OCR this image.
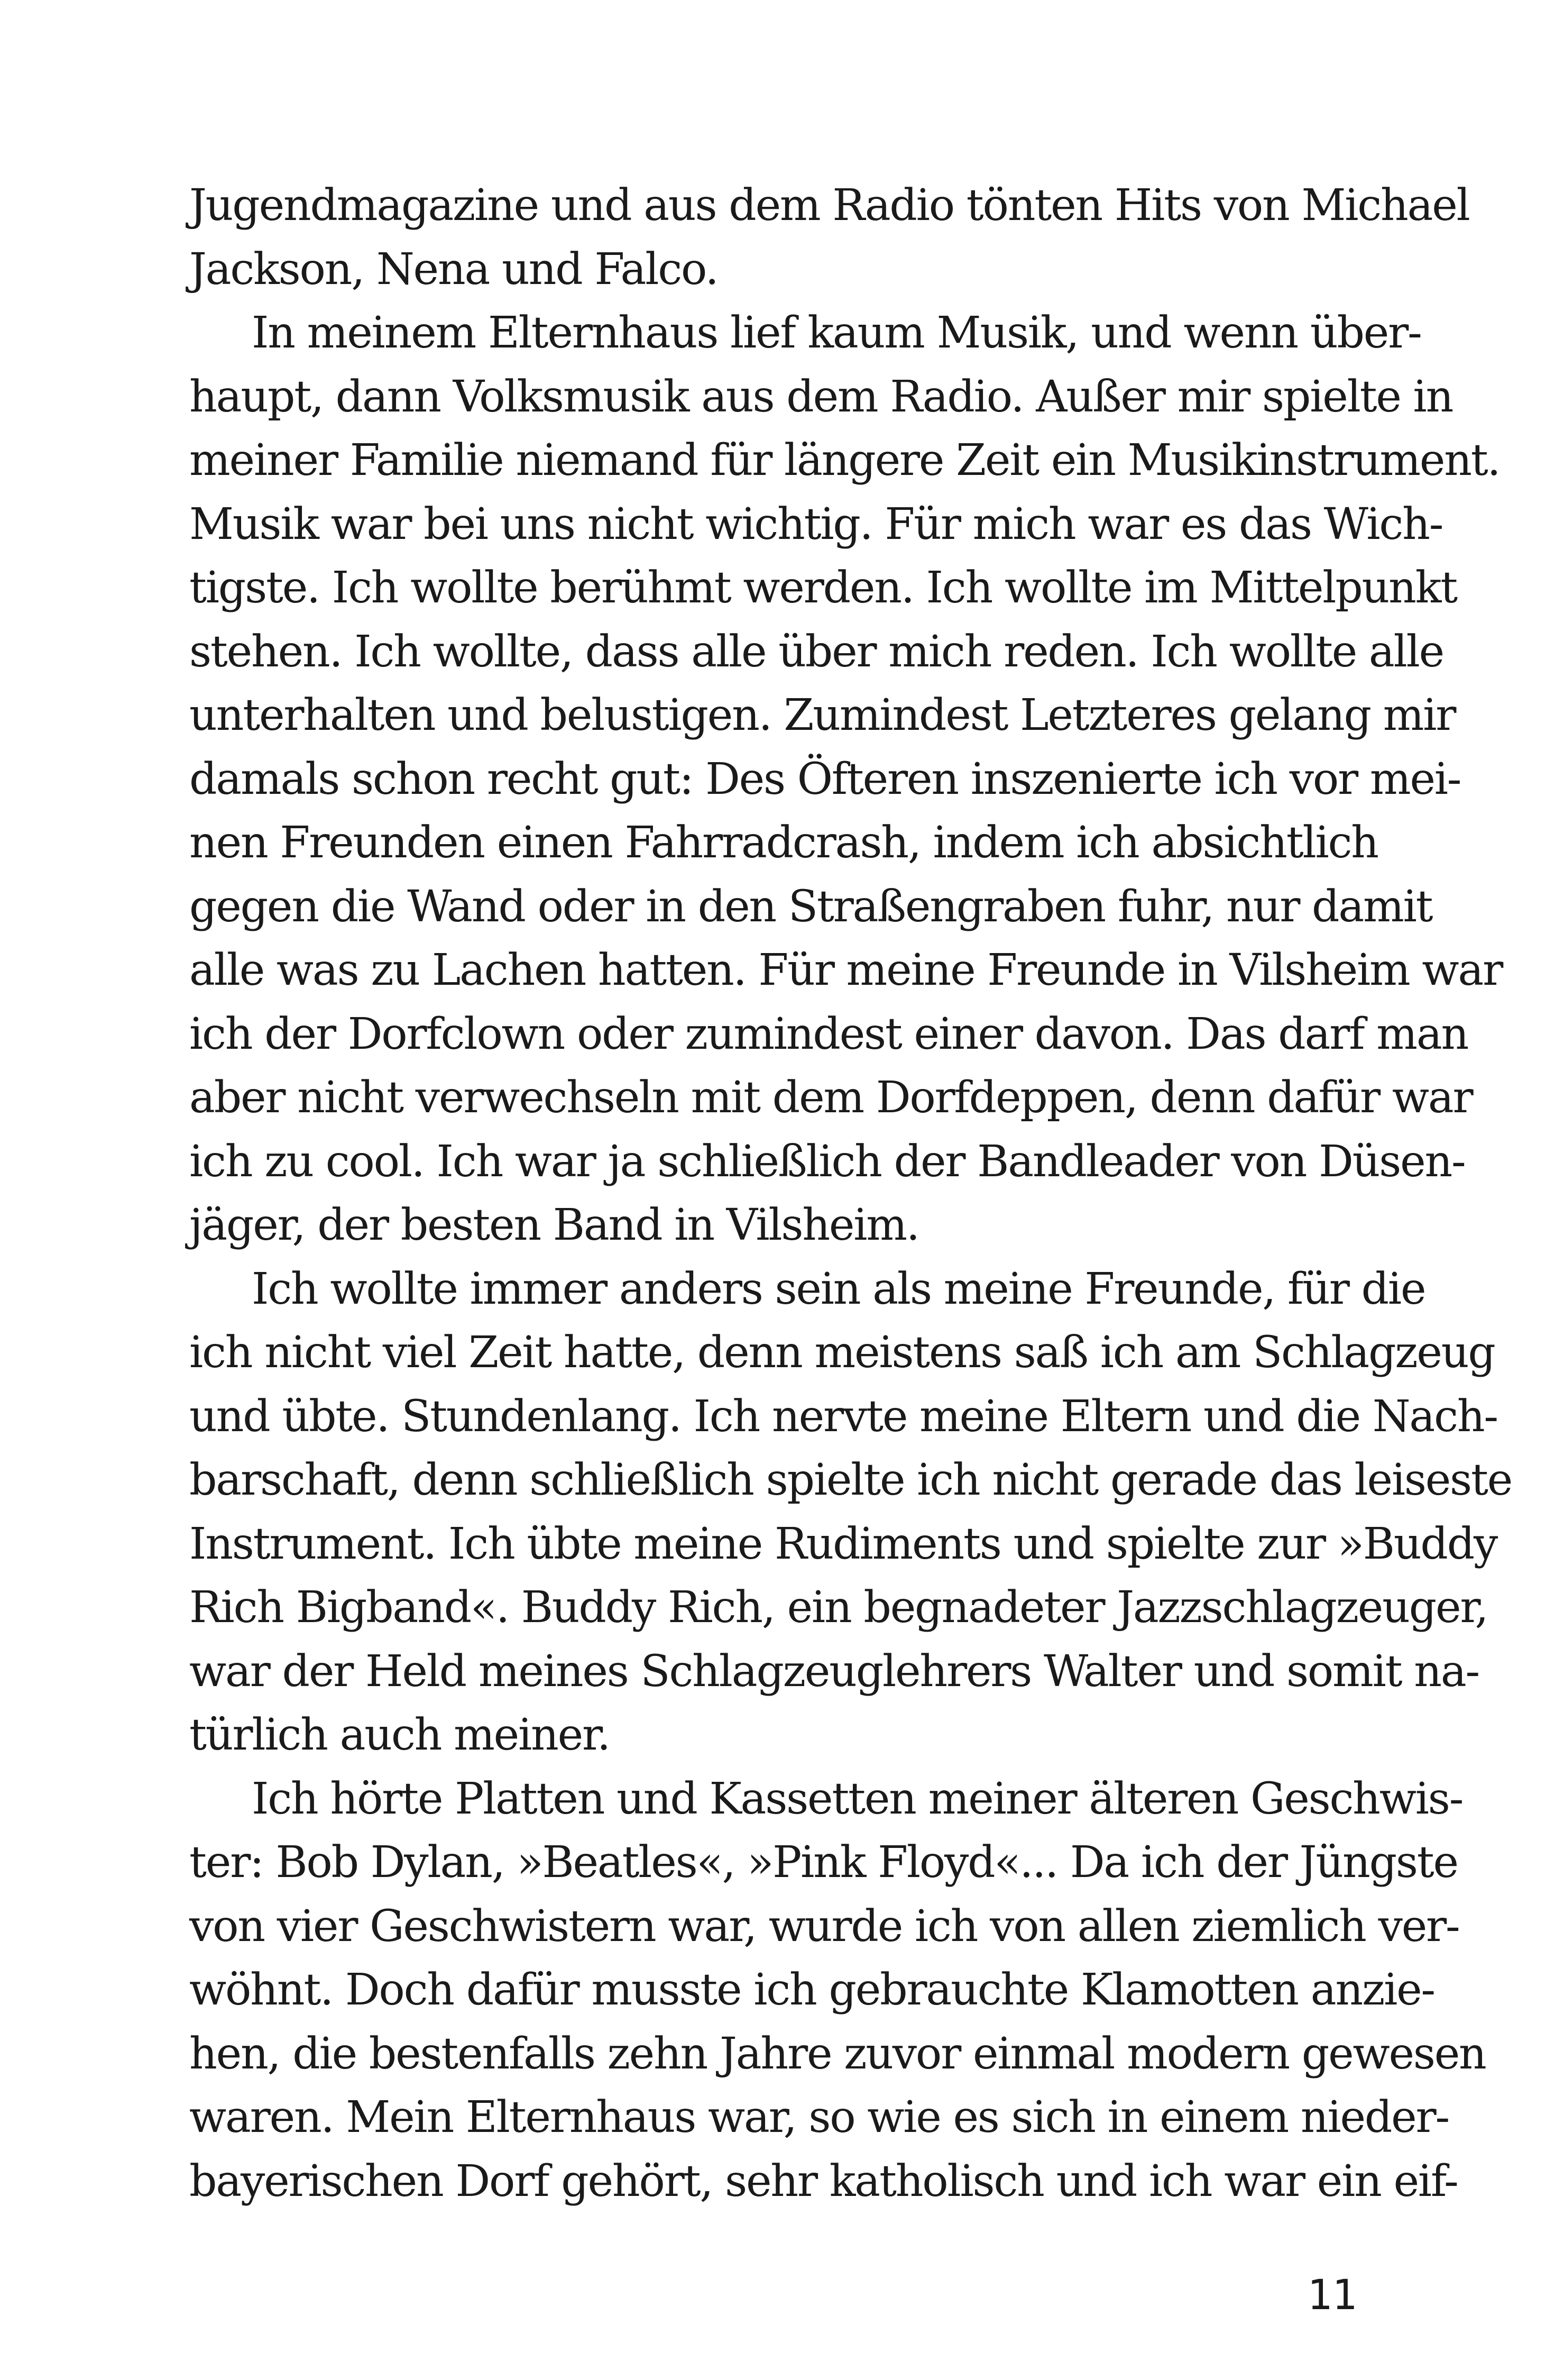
Jugendmagazine und aus dem Radio tönten Hits von Michael
Jackson, Nena und Falco.
In meinem Elternhaus lief kaum Musik, und wenn über-
haupt, dann Volksmusik aus dem Radio. Außer mir spielte in
meiner Familie niemand für längere Zeit ein Musikinstrument.
Musik war bei uns nicht wichtig. Für mich war es das Wich-
tigste. Ich wollte berühmt werden. Ich wollte im Mittelpunkt
stehen. Ich wollte, dass alle über mich reden. Ich wollte alle
unterhalten und belustigen. Zumindest Letzteres gelang mir
damals schon recht gut: Des Öfteren inszenierte ich vor mei-
nen Freunden einen Fahrradcrash, indem ich absichtlich
gegen die Wand oder in den Straßengraben fuhr, nur damit
alle was zu Lachen hatten. Für meine Freunde in Vilsheim war
ich der Dorfclown oder zumindest einer davon. Das darf man
aber nicht verwechseln mit dem Dorfdeppen, denn dafür war
ich zu cool. Ich war ja schließlich der Bandleader von Düsen-
jäger, der besten Band in Vilsheim.
Ich wollte immer anders sein als meine Freunde, für die
ich nicht viel Zeit hatte, denn meistens saß ich am Schlagzeug
und übte. Stundenlang. Ich nervte meine Eltern und die Nach-
barschaft, denn schließlich spielte ich nicht gerade das leiseste
Instrument. Ich übte meine Rudiments und spielte zur »Buddy
Rich Bigband«. Buddy Rich, ein begnadeter Jazzschlagzeuger,
war der Held meines Schlagzeuglehrers Walter und somit na-
türlich auch meiner.
Ich hörte Platten und Kassetten meiner älteren Geschwis-
ter: Bob Dylan, »Beatles«, »Pink Floyd«... Da ich der Jüngste
von vier Geschwistern war, wurde ich von allen ziemlich ver-
wöhnt. Doch dafür musste ich gebrauchte Klamotten anzie-
hen, die bestenfalls zehn Jahre zuvor einmal modern gewesen
waren. Mein Elternhaus war, so wie es sich in einem nieder-
bayerischen Dorf gehört, sehr katholisch und ich war ein eif-
11
